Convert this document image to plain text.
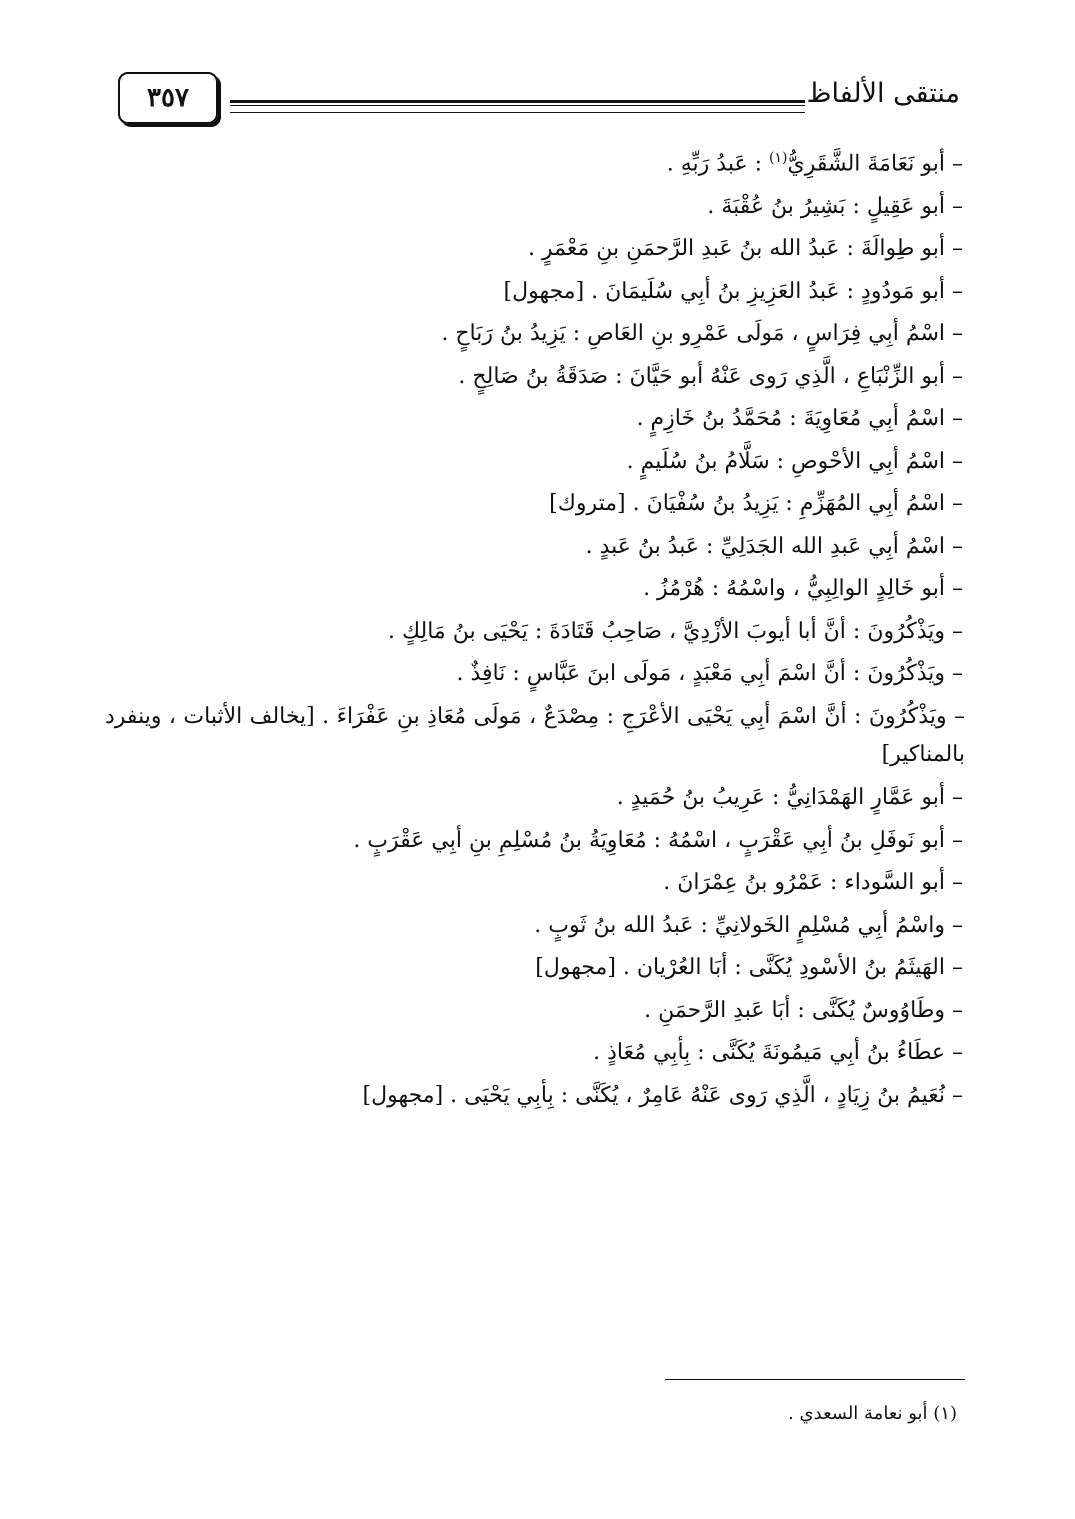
منتقى الألفاظ
٣٥٧
– أبو نَعَامَةَ الشَّقَرِيُّ$^{(١)}$ : عَبدُ رَبِّهِ .
– أبو عَقِيلٍ : بَشِيرُ بنُ عُقْبَةَ .
– أبو طِوالَةَ : عَبدُ الله بنُ عَبدِ الرَّحمَنِ بنِ مَعْمَرٍ .
– أبو مَودُودٍ : عَبدُ العَزِيزِ بنُ أبِي سُلَيمَانَ . [مجهول]
– اسْمُ أبِي فِرَاسٍ ، مَولَى عَمْرِو بنِ العَاصِ : يَزِيدُ بنُ رَبَاحٍ .
– أبو الزِّنْبَاعِ ، الَّذِي رَوى عَنْهُ أبو حَيَّانَ : صَدَقَةُ بنُ صَالِحٍ .
– اسْمُ أبِي مُعَاوِيَةَ : مُحَمَّدُ بنُ خَازِمٍ .
– اسْمُ أبِي الأحْوصِ : سَلَّامُ بنُ سُلَيمٍ .
– اسْمُ أبِي المُهَزِّمِ : يَزِيدُ بنُ سُفْيَانَ . [متروك]
– اسْمُ أبِي عَبدِ الله الجَدَلِيِّ : عَبدُ بنُ عَبدٍ .
– أبو خَالِدٍ الوالِبِيُّ ، واسْمُهُ : هُرْمُزُ .
– ويَذْكُرُونَ : أنَّ أبا أيوبَ الأزْدِيَّ ، صَاحِبُ قَتَادَةَ : يَحْيَى بنُ مَالِكٍ .
– ويَذْكُرُونَ : أنَّ اسْمَ أبِي مَعْبَدٍ ، مَولَى ابنَ عَبَّاسٍ : نَافِذٌ .
– ويَذْكُرُونَ : أنَّ اسْمَ أبِي يَحْيَى الأعْرَجِ : مِصْدَعٌ ، مَولَى مُعَاذِ بنِ عَفْرَاءَ . [يخالف الأثبات ، وينفرد بالمناكير]
– أبو عَمَّارٍ الهَمْدَانِيُّ : عَرِيبُ بنُ حُمَيدٍ .
– أبو نَوفَلِ بنُ أبِي عَقْرَبٍ ، اسْمُهُ : مُعَاوِيَةُ بنُ مُسْلِمِ بنِ أبِي عَقْرَبٍ .
– أبو السَّوداء : عَمْرُو بنُ عِمْرَانَ .
– واسْمُ أبِي مُسْلِمٍ الخَولانِيِّ : عَبدُ الله بنُ ثَوبٍ .
– الهَيثَمُ بنُ الأسْودِ يُكَنَّى : أبَا العُرْيان . [مجهول]
– وطَاوُوسٌ يُكَنَّى : أبَا عَبدِ الرَّحمَنِ .
– عطَاءُ بنُ أبِي مَيمُونَةَ يُكَنَّى : بِأبِي مُعَاذٍ .
– نُعَيمُ بنُ زِيَادٍ ، الَّذِي رَوى عَنْهُ عَامِرٌ ، يُكَنَّى : بِأبِي يَحْيَى . [مجهول]
(١) أبو نعامة السعدي .
